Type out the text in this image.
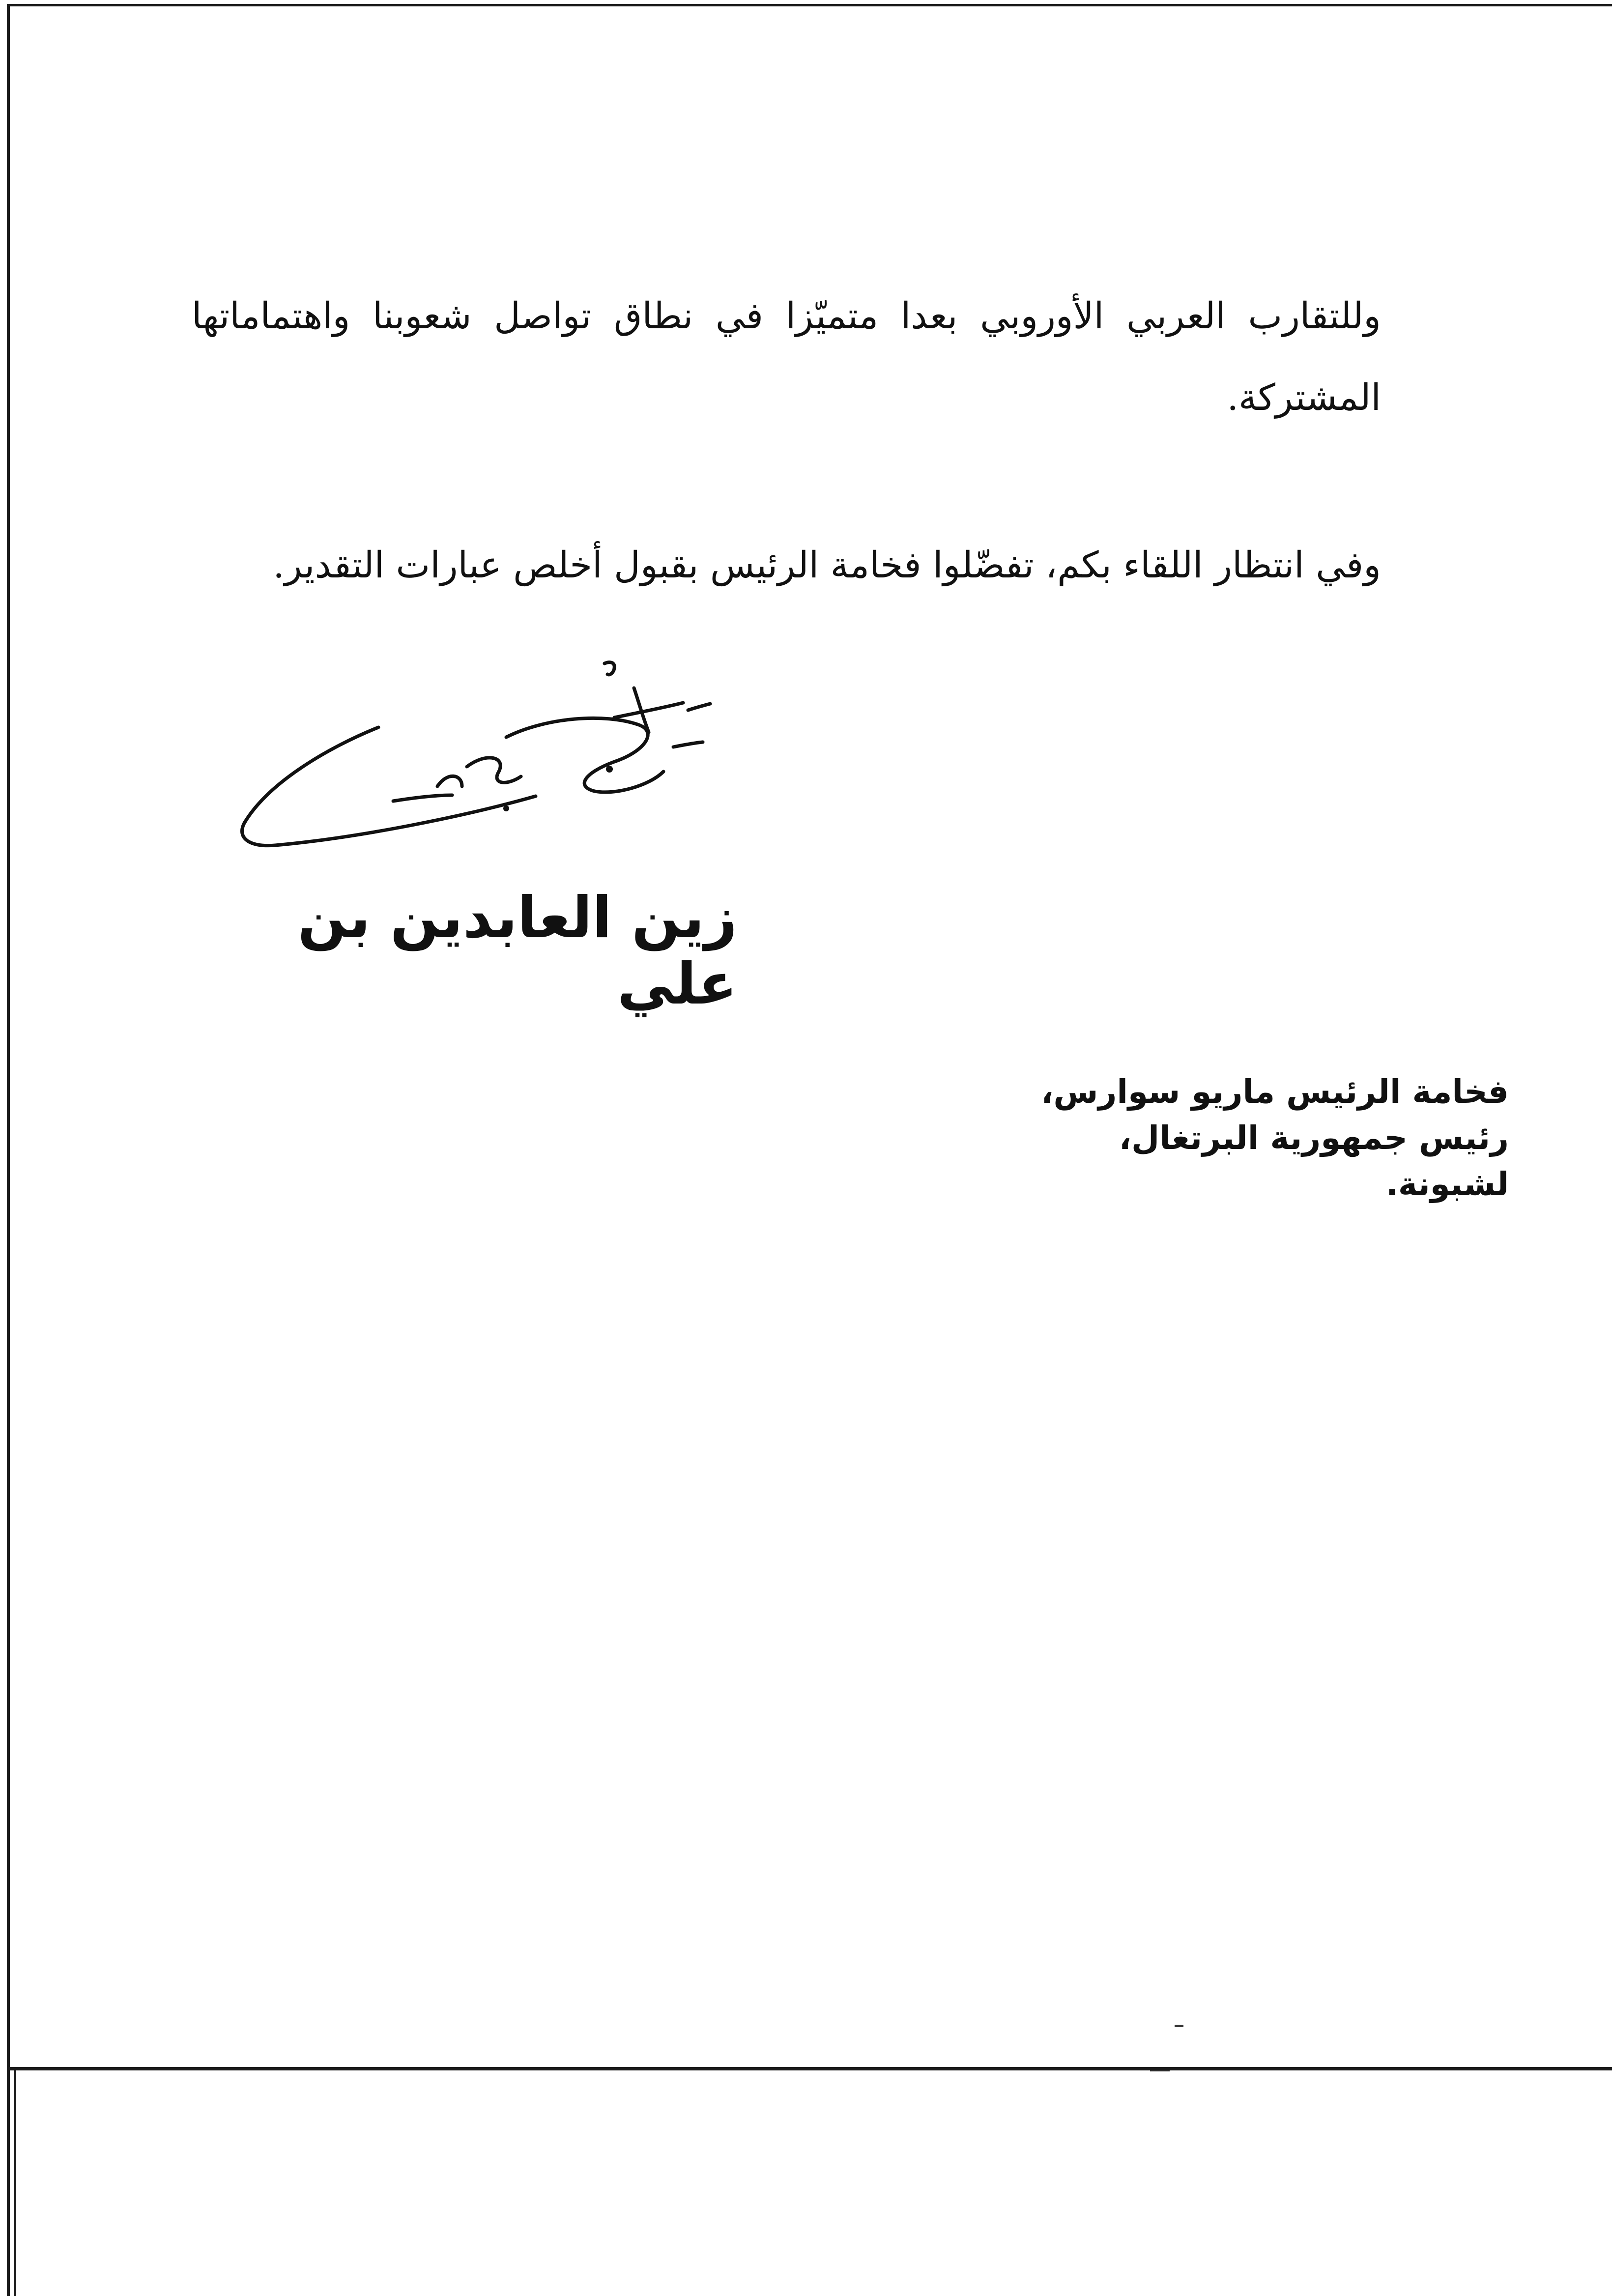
وللتقارب العربي الأوروبي بعدا متميّزا في نطاق تواصل شعوبنا واهتماماتها المشتركة.

وفي انتظار اللقاء بكم، تفضّلوا فخامة الرئيس بقبول أخلص عبارات التقدير.

زين العابدين بن علي

فخامة الرئيس ماريو سوارس،
رئيس جمهورية البرتغال،
لشبونة.
